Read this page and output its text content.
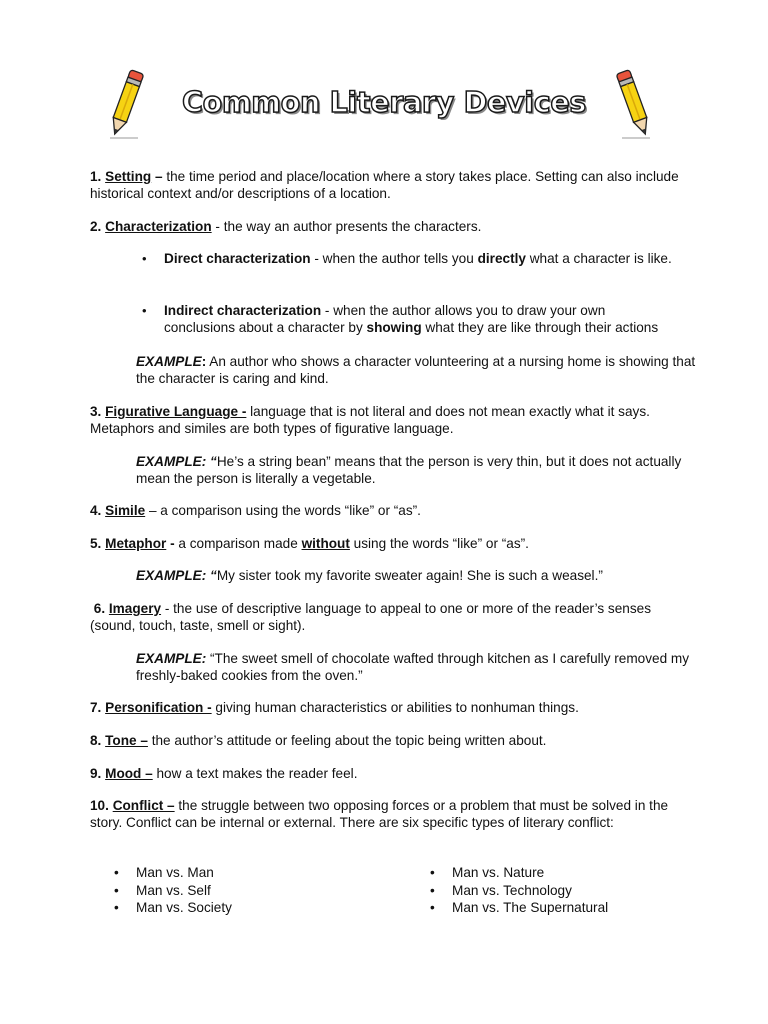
Common Literary Devices
1. Setting – the time period and place/location where a story takes place. Setting can also include historical context and/or descriptions of a location.
2. Characterization - the way an author presents the characters.
• Direct characterization - when the author tells you directly what a character is like.
• Indirect characterization - when the author allows you to draw your own conclusions about a character by showing what they are like through their actions
EXAMPLE: An author who shows a character volunteering at a nursing home is showing that the character is caring and kind.
3. Figurative Language - language that is not literal and does not mean exactly what it says. Metaphors and similes are both types of figurative language.
EXAMPLE: “He’s a string bean” means that the person is very thin, but it does not actually mean the person is literally a vegetable.
4. Simile – a comparison using the words “like” or “as”.
5. Metaphor - a comparison made without using the words “like” or “as”.
EXAMPLE: “My sister took my favorite sweater again! She is such a weasel.”
6. Imagery - the use of descriptive language to appeal to one or more of the reader’s senses (sound, touch, taste, smell or sight).
EXAMPLE: “The sweet smell of chocolate wafted through kitchen as I carefully removed my freshly-baked cookies from the oven.”
7. Personification - giving human characteristics or abilities to nonhuman things.
8. Tone – the author’s attitude or feeling about the topic being written about.
9. Mood – how a text makes the reader feel.
10. Conflict – the struggle between two opposing forces or a problem that must be solved in the story. Conflict can be internal or external. There are six specific types of literary conflict:
• Man vs. Man
• Man vs. Self
• Man vs. Society
• Man vs. Nature
• Man vs. Technology
• Man vs. The Supernatural
